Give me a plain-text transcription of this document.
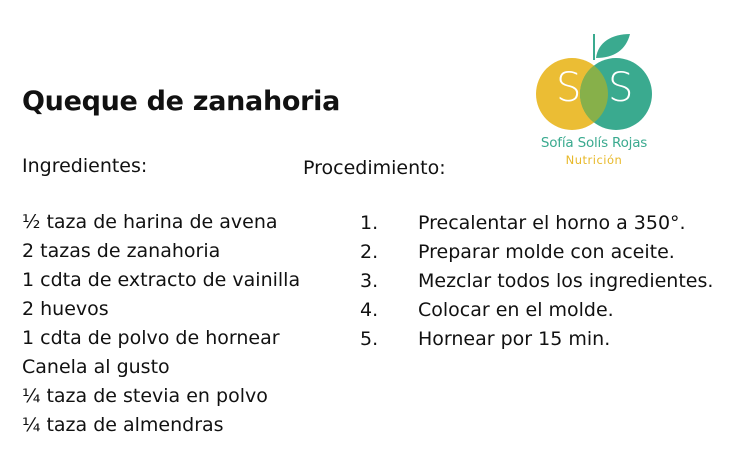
Queque de zanahoria
Ingredientes:	Procedimiento:
½ taza de harina de avena
2 tazas de zanahoria
1 cdta de extracto de vainilla
2 huevos
1 cdta de polvo de hornear
Canela al gusto
¼ taza de stevia en polvo
¼ taza de almendras
1. Precalentar el horno a 350°.
2. Preparar molde con aceite.
3. Mezclar todos los ingredientes.
4. Colocar en el molde.
5. Hornear por 15 min.
S S
Sofía Solís Rojas
Nutrición
